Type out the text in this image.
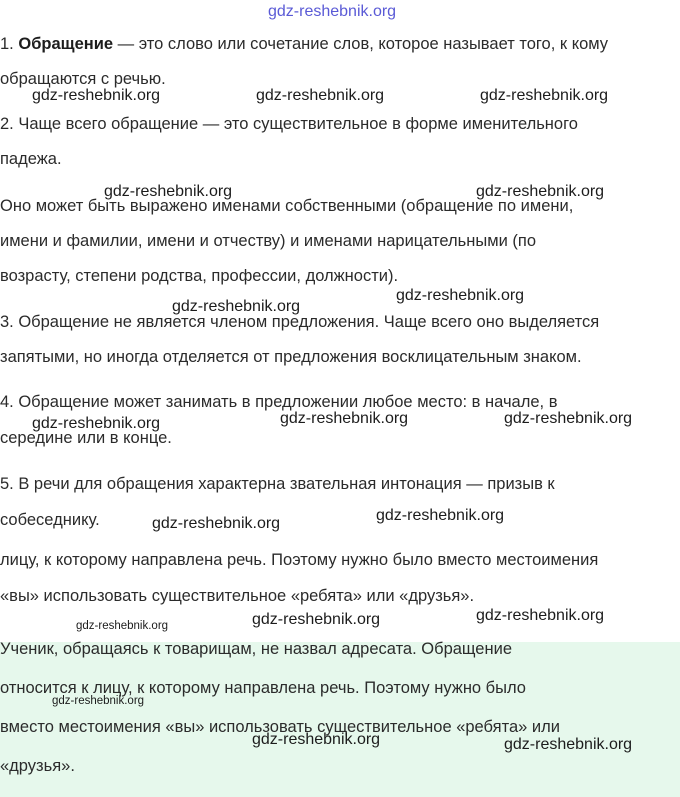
gdz-reshebnik.org
1. Обращение — это слово или сочетание слов, которое называет того, к кому
обращаются с речью.
gdz-reshebnik.org	gdz-reshebnik.org	gdz-reshebnik.org
2. Чаще всего обращение — это существительное в форме именительного
падежа.
gdz-reshebnik.org	gdz-reshebnik.org
Оно может быть выражено именами собственными (обращение по имени,
имени и фамилии, имени и отчеству) и именами нарицательными (по
возрасту, степени родства, профессии, должности).
gdz-reshebnik.org
gdz-reshebnik.org
3. Обращение не является членом предложения. Чаще всего оно выделяется
запятыми, но иногда отделяется от предложения восклицательным знаком.
4. Обращение может занимать в предложении любое место: в начале, в
середине или в конце.
gdz-reshebnik.org	gdz-reshebnik.org	gdz-reshebnik.org
5. В речи для обращения характерна звательная интонация — призыв к
собеседнику.	gdz-reshebnik.org
gdz-reshebnik.org
лицу, к которому направлена речь. Поэтому нужно было вместо местоимения
«вы» использовать существительное «ребята» или «друзья».
gdz-reshebnik.org
gdz-reshebnik.org	gdz-reshebnik.org
Ученик, обращаясь к товарищам, не назвал адресата. Обращение
относится к лицу, к которому направлена речь. Поэтому нужно было
вместо местоимения «вы» использовать существительное «ребята» или
«друзья».
gdz-reshebnik.org
gdz-reshebnik.org	gdz-reshebnik.org
